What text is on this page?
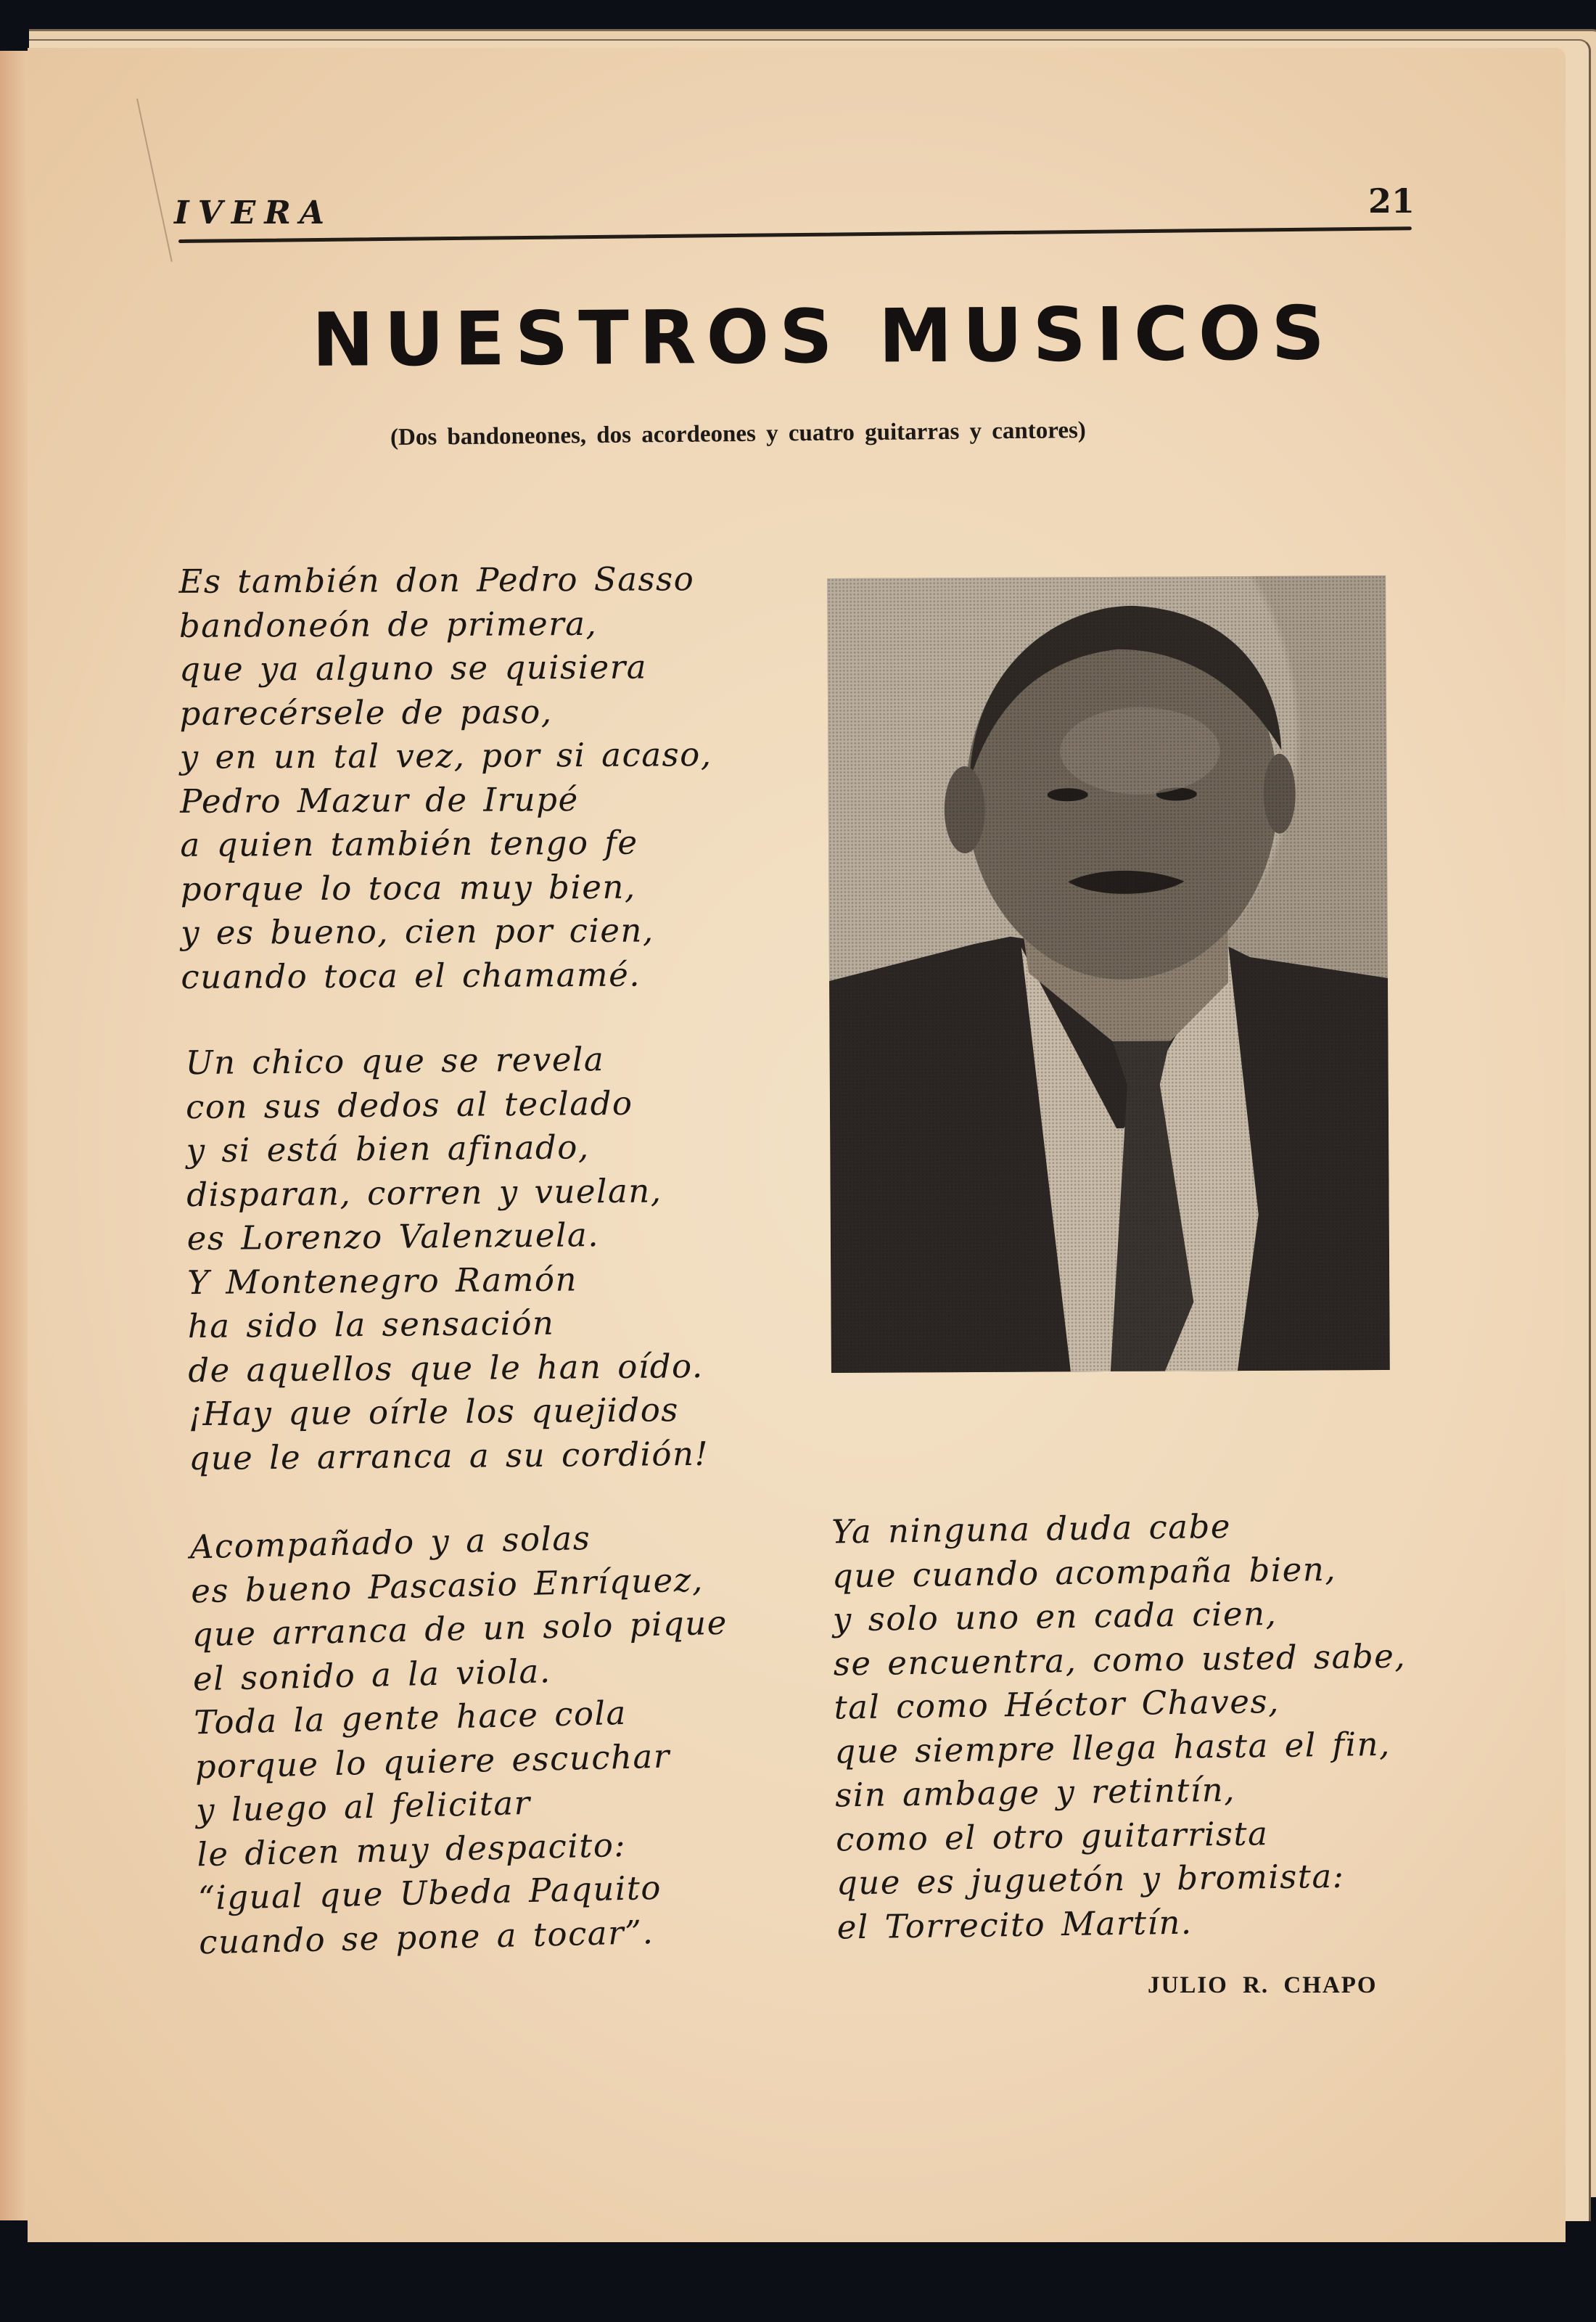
IVERA	21
NUESTROS MUSICOS
(Dos bandoneones, dos acordeones y cuatro guitarras y cantores)
Es también don Pedro Sasso
bandoneón de primera,
que ya alguno se quisiera
parecérsele de paso,
y en un tal vez, por si acaso,
Pedro Mazur de Irupé
a quien también tengo fe
porque lo toca muy bien,
y es bueno, cien por cien,
cuando toca el chamamé.
Un chico que se revela
con sus dedos al teclado
y si está bien afinado,
disparan, corren y vuelan,
es Lorenzo Valenzuela.
Y Montenegro Ramón
ha sido la sensación
de aquellos que le han oído.
¡Hay que oírle los quejidos
que le arranca a su cordión!
Acompañado y a solas
es bueno Pascasio Enríquez,
que arranca de un solo pique
el sonido a la viola.
Toda la gente hace cola
porque lo quiere escuchar
y luego al felicitar
le dicen muy despacito:
“igual que Ubeda Paquito
cuando se pone a tocar”.
Ya ninguna duda cabe
que cuando acompaña bien,
y solo uno en cada cien,
se encuentra, como usted sabe,
tal como Héctor Chaves,
que siempre llega hasta el fin,
sin ambage y retintín,
como el otro guitarrista
que es juguetón y bromista:
el Torrecito Martín.
JULIO R. CHAPO
